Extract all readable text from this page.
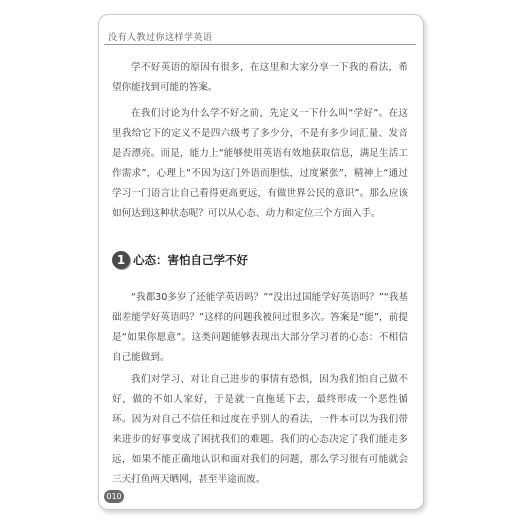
没有人教过你这样学英语

学不好英语的原因有很多，在这里和大家分享一下我的看法，希望你能找到可能的答案。

在我们讨论为什么学不好之前，先定义一下什么叫“学好”。在这里我给它下的定义不是四六级考了多少分，不是有多少词汇量、发音是否漂亮。而是，能力上“能够使用英语有效地获取信息，满足生活工作需求”，心理上“不因为这门外语而胆怯，过度紧张”，精神上“通过学习一门语言让自己看得更高更远，有做世界公民的意识”。那么应该如何达到这种状态呢？可以从心态、动力和定位三个方面入手。

1 心态：害怕自己学不好

“我都30多岁了还能学英语吗？”“没出过国能学好英语吗？”“我基础差能学好英语吗？”这样的问题我被问过很多次。答案是“能”，前提是“如果你愿意”。这类问题能够表现出大部分学习者的心态：不相信自己能做到。

我们对学习、对让自己进步的事情有恐惧，因为我们怕自己做不好，做的不如人家好，于是就一直拖延下去，最终形成一个恶性循环。因为对自己不信任和过度在乎别人的看法，一件本可以为我们带来进步的好事变成了困扰我们的难题。我们的心态决定了我们能走多远，如果不能正确地认识和面对我们的问题，那么学习很有可能就会三天打鱼两天晒网，甚至半途而废。

010
